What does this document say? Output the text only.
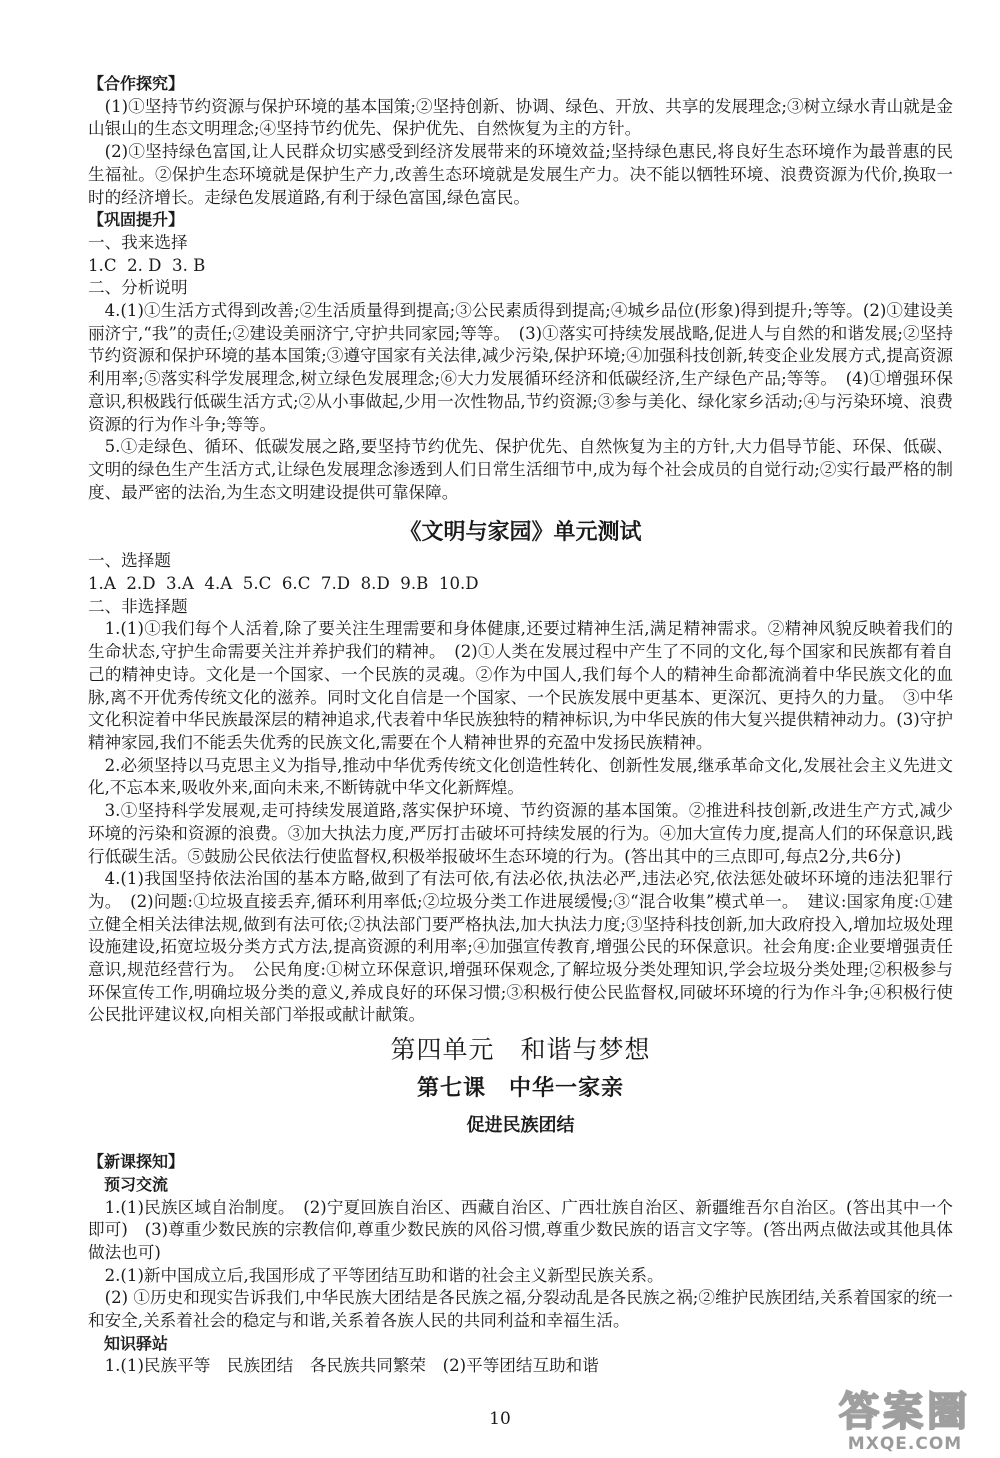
【合作探究】

(1)①坚持节约资源与保护环境的基本国策;②坚持创新、协调、绿色、开放、共享的发展理念;③树立绿水青山就是金山银山的生态文明理念;④坚持节约优先、保护优先、自然恢复为主的方针。

(2)①坚持绿色富国,让人民群众切实感受到经济发展带来的环境效益;坚持绿色惠民,将良好生态环境作为最普惠的民生福祉。②保护生态环境就是保护生产力,改善生态环境就是发展生产力。决不能以牺牲环境、浪费资源为代价,换取一时的经济增长。走绿色发展道路,有利于绿色富国,绿色富民。

【巩固提升】

一、我来选择

1.C  2. D  3. B

二、分析说明

4.(1)①生活方式得到改善;②生活质量得到提高;③公民素质得到提高;④城乡品位(形象)得到提升;等等。(2)①建设美丽济宁,“我”的责任;②建设美丽济宁,守护共同家园;等等。　(3)①落实可持续发展战略,促进人与自然的和谐发展;②坚持节约资源和保护环境的基本国策;③遵守国家有关法律,减少污染,保护环境;④加强科技创新,转变企业发展方式,提高资源利用率;⑤落实科学发展理念,树立绿色发展理念;⑥大力发展循环经济和低碳经济,生产绿色产品;等等。　(4)①增强环保意识,积极践行低碳生活方式;②从小事做起,少用一次性物品,节约资源;③参与美化、绿化家乡活动;④与污染环境、浪费资源的行为作斗争;等等。

5.①走绿色、循环、低碳发展之路,要坚持节约优先、保护优先、自然恢复为主的方针,大力倡导节能、环保、低碳、文明的绿色生产生活方式,让绿色发展理念渗透到人们日常生活细节中,成为每个社会成员的自觉行动;②实行最严格的制度、最严密的法治,为生态文明建设提供可靠保障。

《文明与家园》单元测试

一、选择题

1.A  2.D  3.A  4.A  5.C  6.C  7.D  8.D  9.B  10.D

二、非选择题

1.(1)①我们每个人活着,除了要关注生理需要和身体健康,还要过精神生活,满足精神需求。②精神风貌反映着我们的生命状态,守护生命需要关注并养护我们的精神。　(2)①人类在发展过程中产生了不同的文化,每个国家和民族都有着自己的精神史诗。文化是一个国家、一个民族的灵魂。②作为中国人,我们每个人的精神生命都流淌着中华民族文化的血脉,离不开优秀传统文化的滋养。同时文化自信是一个国家、一个民族发展中更基本、更深沉、更持久的力量。　③中华文化积淀着中华民族最深层的精神追求,代表着中华民族独特的精神标识,为中华民族的伟大复兴提供精神动力。(3)守护精神家园,我们不能丢失优秀的民族文化,需要在个人精神世界的充盈中发扬民族精神。

2.必须坚持以马克思主义为指导,推动中华优秀传统文化创造性转化、创新性发展,继承革命文化,发展社会主义先进文化,不忘本来,吸收外来,面向未来,不断铸就中华文化新辉煌。

3.①坚持科学发展观,走可持续发展道路,落实保护环境、节约资源的基本国策。②推进科技创新,改进生产方式,减少环境的污染和资源的浪费。③加大执法力度,严厉打击破坏可持续发展的行为。④加大宣传力度,提高人们的环保意识,践行低碳生活。⑤鼓励公民依法行使监督权,积极举报破坏生态环境的行为。(答出其中的三点即可,每点2分,共6分)

4.(1)我国坚持依法治国的基本方略,做到了有法可依,有法必依,执法必严,违法必究,依法惩处破坏环境的违法犯罪行为。　(2)问题:①垃圾直接丢弃,循环利用率低;②垃圾分类工作进展缓慢;③“混合收集”模式单一。　建议:国家角度:①建立健全相关法律法规,做到有法可依;②执法部门要严格执法,加大执法力度;③坚持科技创新,加大政府投入,增加垃圾处理设施建设,拓宽垃圾分类方式方法,提高资源的利用率;④加强宣传教育,增强公民的环保意识。社会角度:企业要增强责任意识,规范经营行为。　公民角度:①树立环保意识,增强环保观念,了解垃圾分类处理知识,学会垃圾分类处理;②积极参与环保宣传工作,明确垃圾分类的意义,养成良好的环保习惯;③积极行使公民监督权,同破坏环境的行为作斗争;④积极行使公民批评建议权,向相关部门举报或献计献策。

第四单元　和谐与梦想

第七课　中华一家亲

促进民族团结

【新课探知】

预习交流

1.(1)民族区域自治制度。　(2)宁夏回族自治区、西藏自治区、广西壮族自治区、新疆维吾尔自治区。(答出其中一个即可)　(3)尊重少数民族的宗教信仰,尊重少数民族的风俗习惯,尊重少数民族的语言文字等。(答出两点做法或其他具体做法也可)

2.(1)新中国成立后,我国形成了平等团结互助和谐的社会主义新型民族关系。

(2) ①历史和现实告诉我们,中华民族大团结是各民族之福,分裂动乱是各民族之祸;②维护民族团结,关系着国家的统一和安全,关系着社会的稳定与和谐,关系着各族人民的共同利益和幸福生活。

知识驿站

1.(1)民族平等　民族团结　各民族共同繁荣　(2)平等团结互助和谐

10	答案圈
MXQE.COM
